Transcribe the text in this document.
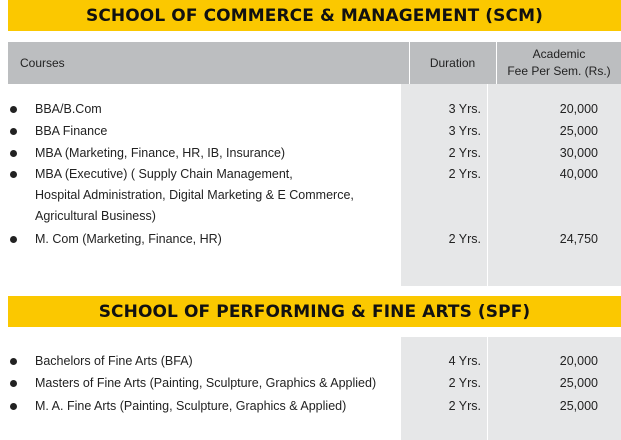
SCHOOL OF COMMERCE & MANAGEMENT (SCM)
Courses	Duration
Academic
Fee Per Sem. (Rs.)
BBA/B.Com	3 Yrs.	20,000
BBA Finance	3 Yrs.	25,000
MBA (Marketing, Finance, HR, IB, Insurance)	2 Yrs.	30,000
MBA (Executive) ( Supply Chain Management,
Hospital Administration, Digital Marketing & E Commerce,
Agricultural Business)
2 Yrs.	40,000
M. Com (Marketing, Finance, HR)	2 Yrs.	24,750
SCHOOL OF PERFORMING & FINE ARTS (SPF)
Bachelors of Fine Arts (BFA)	4 Yrs.	20,000
Masters of Fine Arts (Painting, Sculpture, Graphics & Applied)	2 Yrs.	25,000
M. A. Fine Arts (Painting, Sculpture, Graphics & Applied)	2 Yrs.	25,000
